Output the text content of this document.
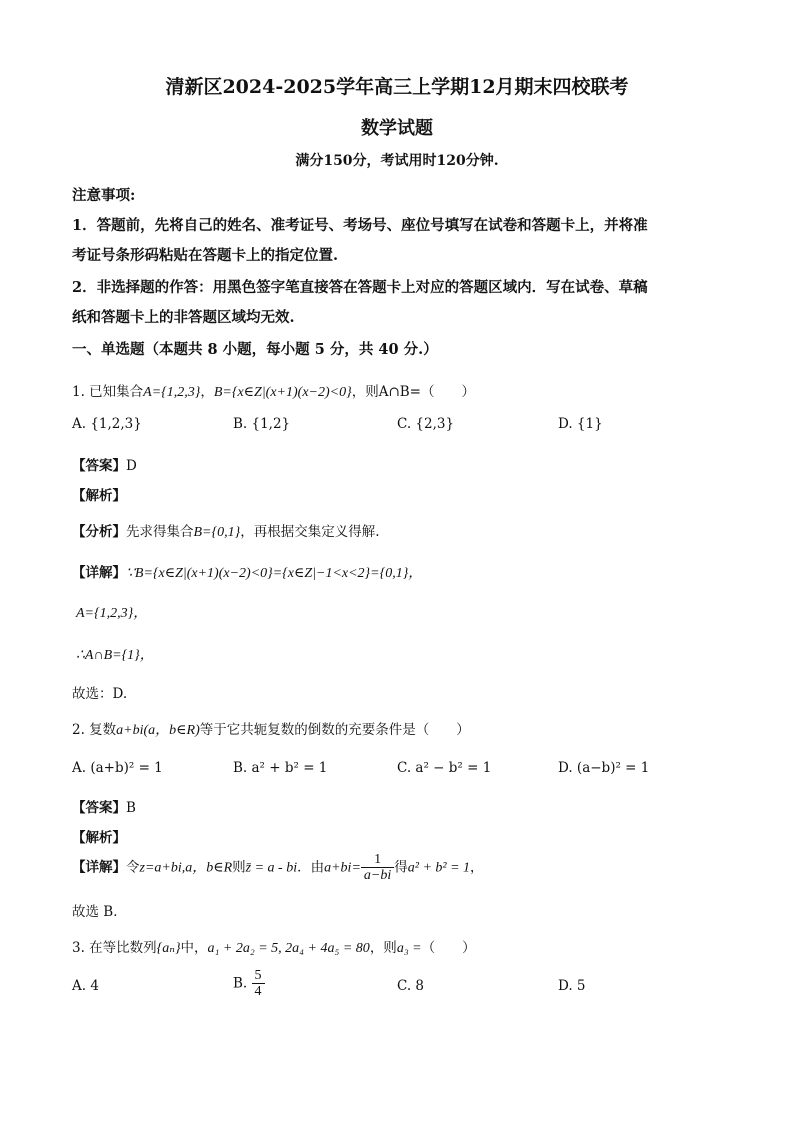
清新区2024-2025学年高三上学期12月期末四校联考
数学试题
满分150分，考试用时120分钟.
注意事项:
1．答题前，先将自己的姓名、准考证号、考场号、座位号填写在试卷和答题卡上，并将准
考证号条形码粘贴在答题卡上的指定位置.
2．非选择题的作答：用黑色签字笔直接答在答题卡上对应的答题区域内．写在试卷、草稿
纸和答题卡上的非答题区域均无效.
一、单选题（本题共 8 小题，每小题 5 分，共 40 分.）
1. 已知集合A={1,2,3}，B={x∈Z|(x+1)(x−2)<0}，则A∩B=（　　）
A. {1,2,3}	B. {1,2}	C. {2,3}	D. {1}
【答案】D
【解析】
【分析】先求得集合B={0,1}，再根据交集定义得解.
【详解】∵B={x∈Z|(x+1)(x−2)<0}={x∈Z|−1<x<2}={0,1}，
A={1,2,3}，
∴A∩B={1}，
故选：D.
2. 复数a+bi(a，b∈R)等于它共轭复数的倒数的充要条件是（　　）
A. (a+b)² = 1	B. a² + b² = 1	C. a² − b² = 1	D. (a−b)² = 1
【答案】B
【解析】
【详解】令z=a+bi,a，b∈R则z̄ = a - bi．由$a+bi= \frac{1}{a-bi}$ 得a² + b² = 1，
故选 B．
3. 在等比数列{aₙ}中，a₁ + 2a₂ = 5, 2a₄ + 4a₅ = 80，则a₃ =（　　）
A. 4	B. $\frac{5}{4}$	C. 8	D. 5
